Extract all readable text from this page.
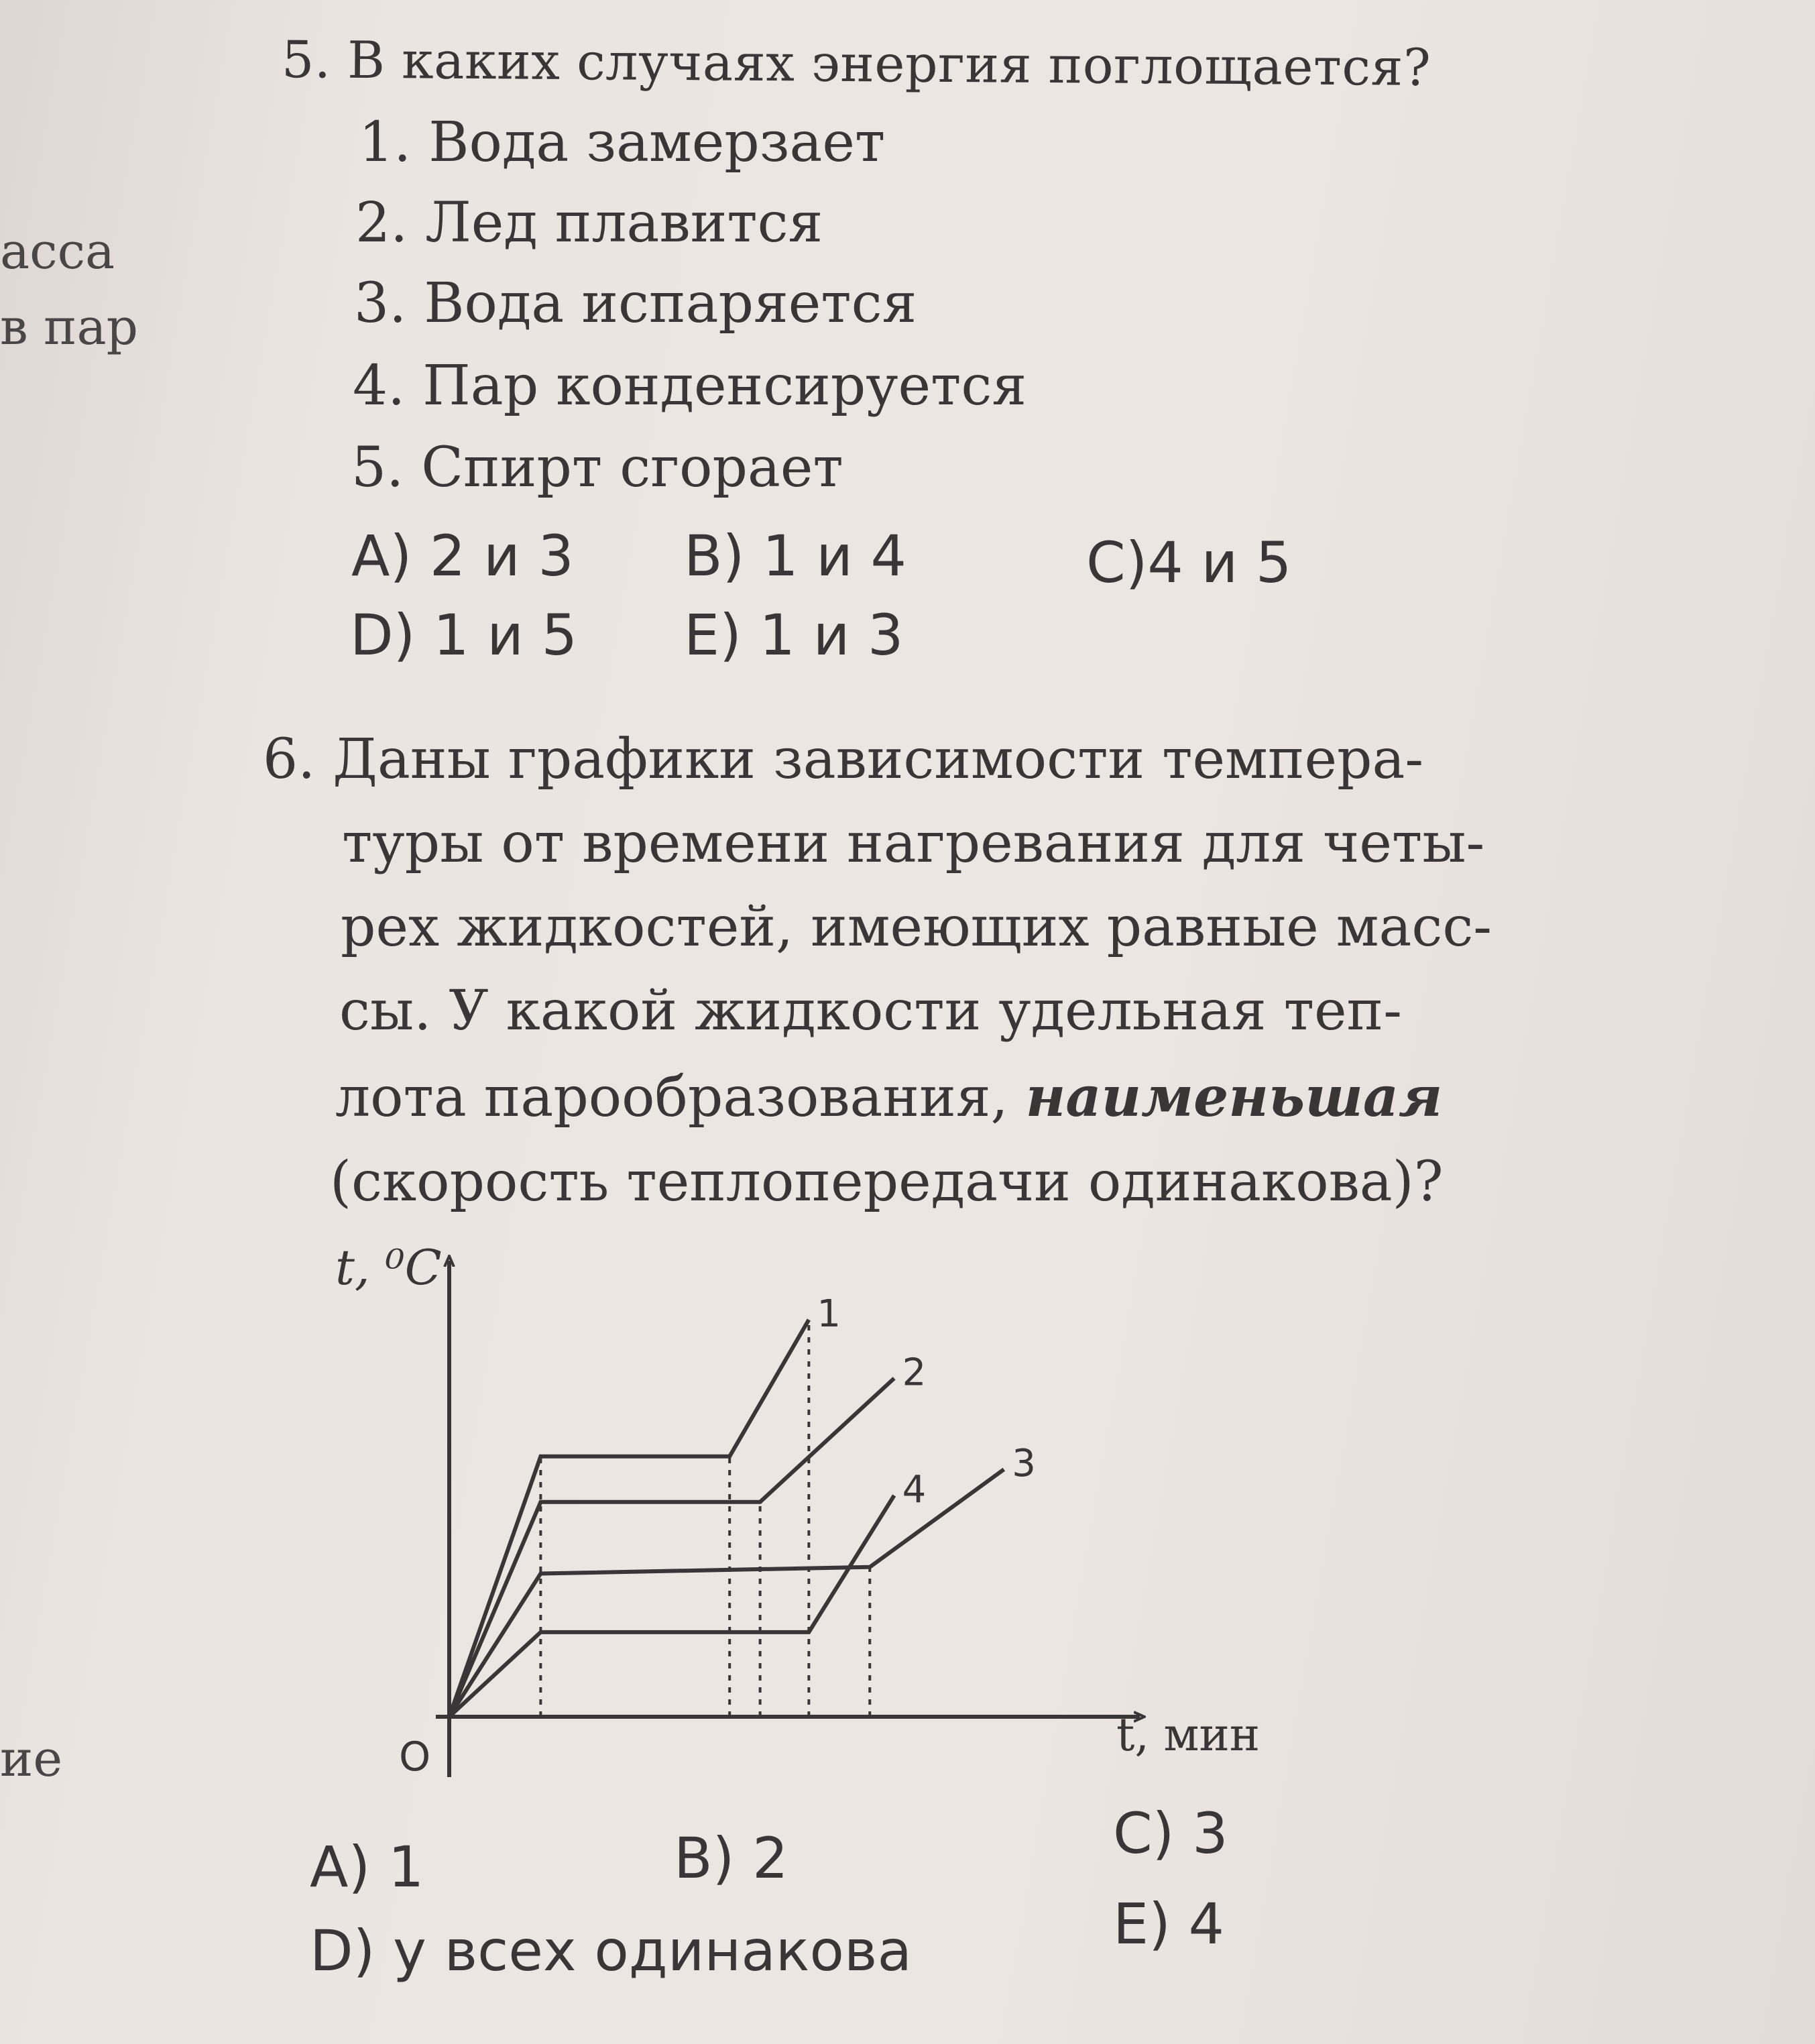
асса
в пар
ие
5. В каких случаях энергия поглощается?
1. Вода замерзает
2. Лед плавится
3. Вода испаряется
4. Пар конденсируется
5. Спирт сгорает
A) 2 и 3 B) 1 и 4	C)4 и 5
D) 1 и 5 E) 1 и 3
6. Даны графики зависимости темпера-
туры от времени нагревания для четы-
рех жидкостей, имеющих равные масс-
сы. У какой жидкости удельная теп-
лота парообразования, наименьшая
(скорость теплопередачи одинакова)?
1
2
3
4
t, ⁰C
t, мин
O
A) 1	B) 2	C) 3
D) у всех одинакова	E) 4
